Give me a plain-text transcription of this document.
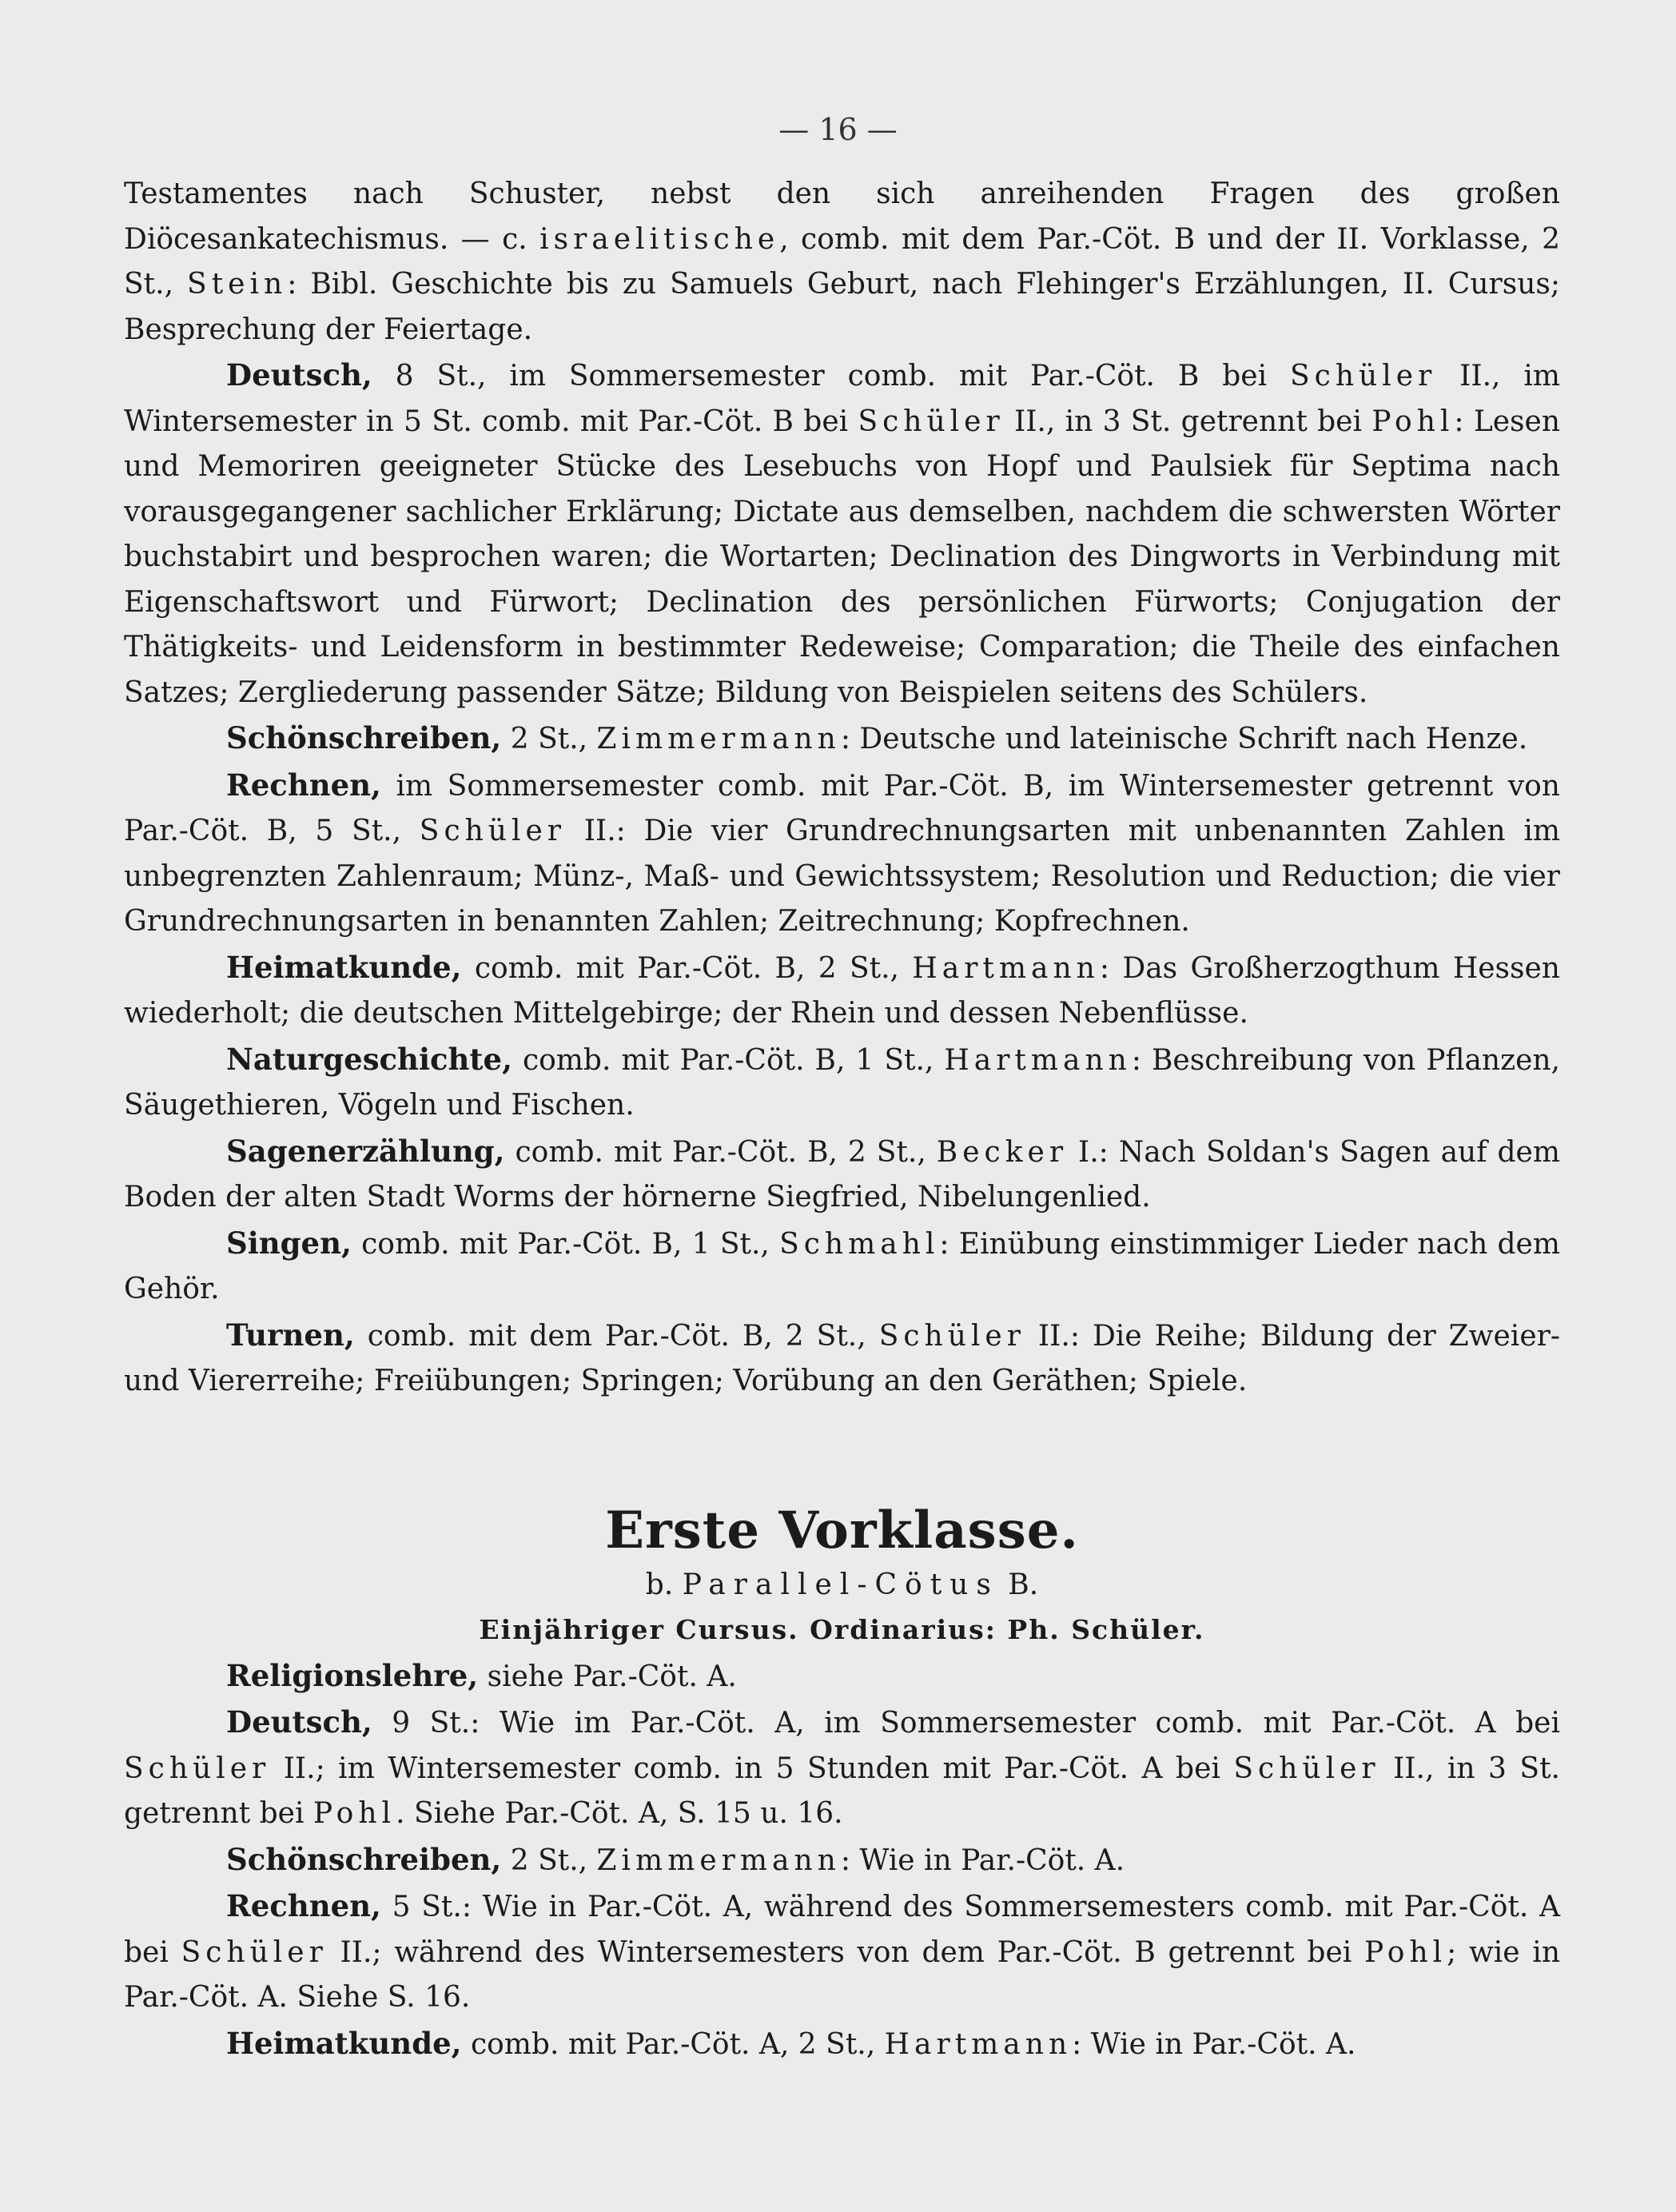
— 16 —

Testamentes nach Schuster, nebst den sich anreihenden Fragen des großen Diöcesankatechismus. — c. israelitische, comb. mit dem Par.-Cöt. B und der II. Vorklasse, 2 St., Stein: Bibl. Geschichte bis zu Samuels Geburt, nach Flehinger's Erzählungen, II. Cursus; Besprechung der Feiertage.

Deutsch, 8 St., im Sommersemester comb. mit Par.-Cöt. B bei Schüler II., im Wintersemester in 5 St. comb. mit Par.-Cöt. B bei Schüler II., in 3 St. getrennt bei Pohl: Lesen und Memoriren geeigneter Stücke des Lesebuchs von Hopf und Paulsiek für Septima nach vorausgegangener sachlicher Erklärung; Dictate aus demselben, nachdem die schwersten Wörter buchstabirt und besprochen waren; die Wortarten; Declination des Dingworts in Verbindung mit Eigenschaftswort und Fürwort; Declination des persönlichen Fürworts; Conjugation der Thätigkeits- und Leidensform in bestimmter Redeweise; Comparation; die Theile des einfachen Satzes; Zergliederung passender Sätze; Bildung von Beispielen seitens des Schülers.

Schönschreiben, 2 St., Zimmermann: Deutsche und lateinische Schrift nach Henze.

Rechnen, im Sommersemester comb. mit Par.-Cöt. B, im Wintersemester getrennt von Par.-Cöt. B, 5 St., Schüler II.: Die vier Grundrechnungsarten mit unbenannten Zahlen im unbegrenzten Zahlenraum; Münz-, Maß- und Gewichtssystem; Resolution und Reduction; die vier Grundrechnungsarten in benannten Zahlen; Zeitrechnung; Kopfrechnen.

Heimatkunde, comb. mit Par.-Cöt. B, 2 St., Hartmann: Das Großherzogthum Hessen wiederholt; die deutschen Mittelgebirge; der Rhein und dessen Nebenflüsse.

Naturgeschichte, comb. mit Par.-Cöt. B, 1 St., Hartmann: Beschreibung von Pflanzen, Säugethieren, Vögeln und Fischen.

Sagenerzählung, comb. mit Par.-Cöt. B, 2 St., Becker I.: Nach Soldan's Sagen auf dem Boden der alten Stadt Worms der hörnerne Siegfried, Nibelungenlied.

Singen, comb. mit Par.-Cöt. B, 1 St., Schmahl: Einübung einstimmiger Lieder nach dem Gehör.

Turnen, comb. mit dem Par.-Cöt. B, 2 St., Schüler II.: Die Reihe; Bildung der Zweier- und Viererreihe; Freiübungen; Springen; Vorübung an den Geräthen; Spiele.

Erste Vorklasse.

b. Parallel-Cötus B.

Einjähriger Cursus. Ordinarius: Ph. Schüler.

Religionslehre, siehe Par.-Cöt. A.

Deutsch, 9 St.: Wie im Par.-Cöt. A, im Sommersemester comb. mit Par.-Cöt. A bei Schüler II.; im Wintersemester comb. in 5 Stunden mit Par.-Cöt. A bei Schüler II., in 3 St. getrennt bei Pohl. Siehe Par.-Cöt. A, S. 15 u. 16.

Schönschreiben, 2 St., Zimmermann: Wie in Par.-Cöt. A.

Rechnen, 5 St.: Wie in Par.-Cöt. A, während des Sommersemesters comb. mit Par.-Cöt. A bei Schüler II.; während des Wintersemesters von dem Par.-Cöt. B getrennt bei Pohl; wie in Par.-Cöt. A. Siehe S. 16.

Heimatkunde, comb. mit Par.-Cöt. A, 2 St., Hartmann: Wie in Par.-Cöt. A.
